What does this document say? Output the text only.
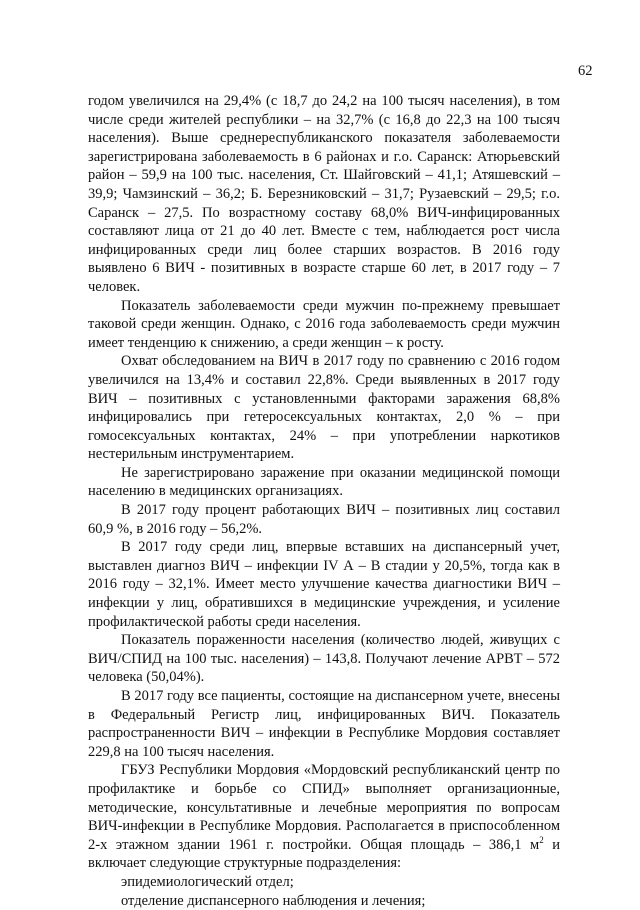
62

годом увеличился на 29,4% (с 18,7 до 24,2 на 100 тысяч населения), в том числе среди жителей республики – на 32,7% (с 16,8 до 22,3 на 100 тысяч населения). Выше среднереспубликанского показателя заболеваемости зарегистрирована заболеваемость в 6 районах и г.о. Саранск: Атюрьевский район – 59,9 на 100 тыс. населения, Ст. Шайговский – 41,1; Атяшевский – 39,9; Чамзинский – 36,2; Б. Березниковский – 31,7; Рузаевский – 29,5; г.о. Саранск – 27,5. По возрастному составу 68,0% ВИЧ-инфицированных составляют лица от 21 до 40 лет. Вместе с тем, наблюдается рост числа инфицированных среди лиц более старших возрастов. В 2016 году выявлено 6 ВИЧ - позитивных в возрасте старше 60 лет, в 2017 году – 7 человек.

Показатель заболеваемости среди мужчин по-прежнему превышает таковой среди женщин. Однако, с 2016 года заболеваемость среди мужчин имеет тенденцию к снижению, а среди женщин – к росту.

Охват обследованием на ВИЧ в 2017 году по сравнению с 2016 годом увеличился на 13,4% и составил 22,8%. Среди выявленных в 2017 году ВИЧ – позитивных с установленными факторами заражения 68,8% инфицировались при гетеросексуальных контактах, 2,0 % – при гомосексуальных контактах, 24% – при употреблении наркотиков нестерильным инструментарием.

Не зарегистрировано заражение при оказании медицинской помощи населению в медицинских организациях.

В 2017 году процент работающих ВИЧ – позитивных лиц составил 60,9 %, в 2016 году – 56,2%.

В 2017 году среди лиц, впервые вставших на диспансерный учет, выставлен диагноз ВИЧ – инфекции IV А – В стадии у 20,5%, тогда как в 2016 году – 32,1%. Имеет место улучшение качества диагностики ВИЧ – инфекции у лиц, обратившихся в медицинские учреждения, и усиление профилактической работы среди населения.

Показатель пораженности населения (количество людей, живущих с ВИЧ/СПИД на 100 тыс. населения) – 143,8. Получают лечение АРВТ – 572 человека (50,04%).

В 2017 году все пациенты, состоящие на диспансерном учете, внесены в Федеральный Регистр лиц, инфицированных ВИЧ. Показатель распространенности ВИЧ – инфекции в Республике Мордовия составляет 229,8 на 100 тысяч населения.

ГБУЗ Республики Мордовия «Мордовский республиканский центр по профилактике и борьбе со СПИД» выполняет организационные, методические, консультативные и лечебные мероприятия по вопросам ВИЧ-инфекции в Республике Мордовия. Располагается в приспособленном 2-х этажном здании 1961 г. постройки. Общая площадь – 386,1 $м^2$ и включает следующие структурные подразделения:

эпидемиологический отдел;

отделение диспансерного наблюдения и лечения;
